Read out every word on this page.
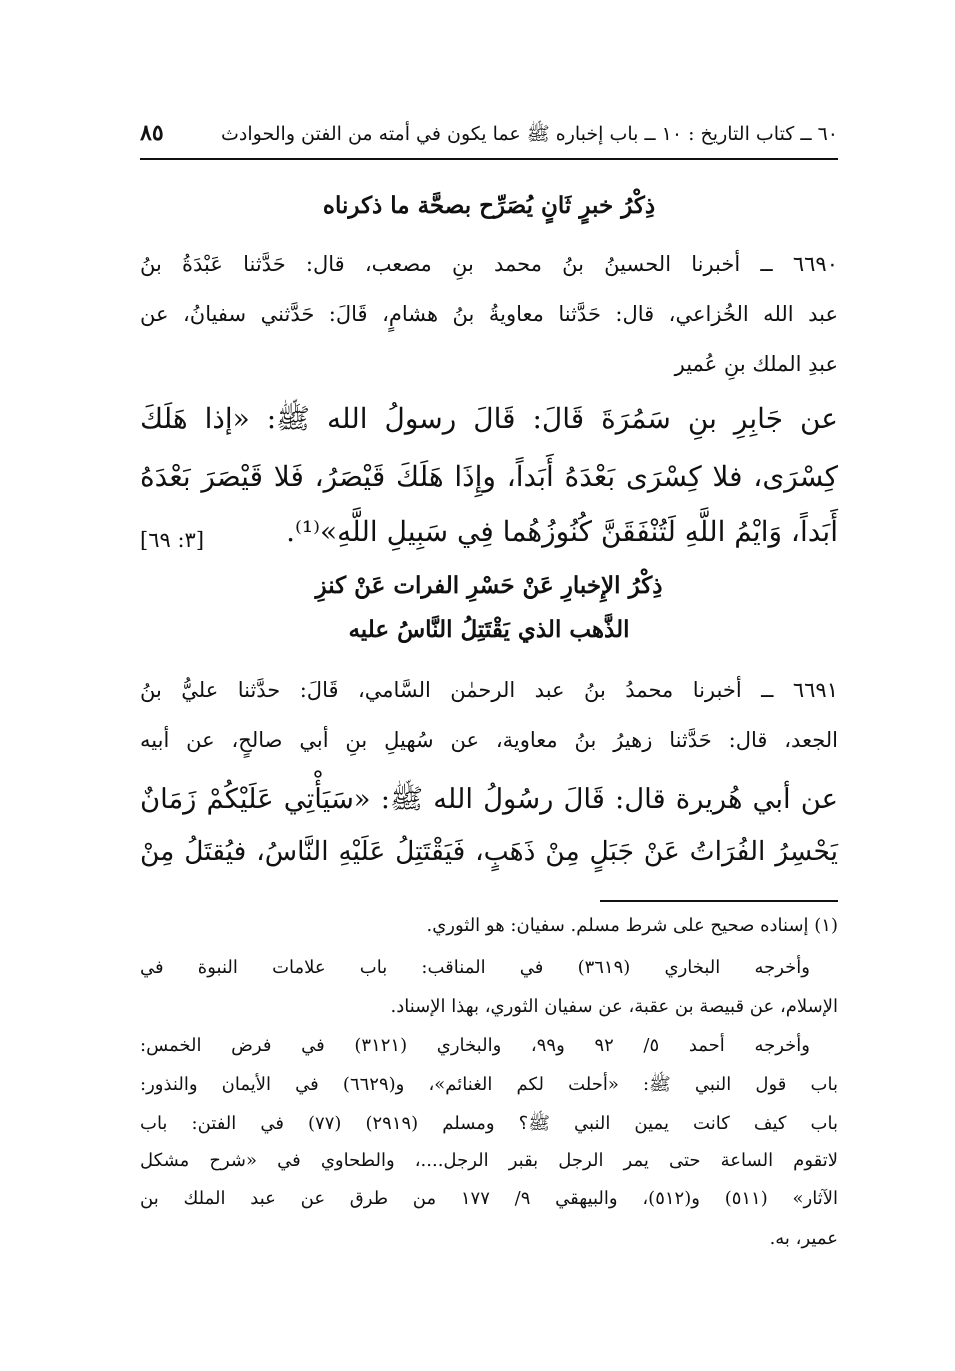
٦٠ ــ كتاب التاريخ : ١٠ ــ باب إخباره ﷺ عما يكون في أمته من الفتن والحوادث
٨٥
ذِكْرُ خبرٍ ثَانٍ يُصَرِّح بصحَّة ما ذكرناه
٦٦٩٠ ــ أخبرنا الحسينُ بنُ محمد بنِ مصعب، قال: حَدَّثنا عَبْدَةُ بنُ
عبد الله الخُزاعي، قال: حَدَّثنا معاويةُ بنُ هشامٍ، قَالَ: حَدَّثني سفيانُ، عن
عبدِ الملك بنِ عُمير
عن جَابِرِ بنِ سَمُرَةَ قَالَ: قَالَ رسولُ الله ﷺ: «إذا هَلَكَ
كِسْرَى، فلا كِسْرَى بَعْدَهُ أَبَداً، وإِذَا هَلَكَ قَيْصَرُ، فَلا قَيْصَرَ بَعْدَهُ
أَبَداً، وَايْمُ اللَّهِ لَتُنْفَقَنَّ كُنُوزُهُما فِي سَبِيلِ اللَّهِ»⁽¹⁾.
[٣: ٦٩]
ذِكْرُ الإِخبارِ عَنْ حَسْرِ الفرات عَنْ كنزِ
الذَّهب الذي يَقْتَتِلُ النَّاسُ عليه
٦٦٩١ ــ أخبرنا محمدُ بنُ عبد الرحمٰن السَّامي، قَالَ: حدَّثنا عليُّ بنُ
الجعد، قال: حَدَّثنا زهيرُ بنُ معاوية، عن سُهيلِ بنِ أبي صالحٍ، عن أبيه
عن أبي هُريرة قال: قَالَ رسُولُ الله ﷺ: «سَيَأْتِي عَلَيْكُمْ زَمَانٌ
يَحْسِرُ الفُرَاتُ عَنْ جَبَلٍ مِنْ ذَهَبٍ، فَيَقْتَتِلُ عَلَيْهِ النَّاسُ، فيُقتَلُ مِنْ
(١) إسناده صحيح على شرط مسلم. سفيان: هو الثوري.
وأخرجه البخاري (٣٦١٩) في المناقب: باب علامات النبوة في
الإسلام، عن قبيصة بن عقبة، عن سفيان الثوري، بهذا الإسناد.
وأخرجه أحمد ٥/ ٩٢ و٩٩، والبخاري (٣١٢١) في فرض الخمس:
باب قول النبي ﷺ: «أحلت لكم الغنائم»، و(٦٦٢٩) في الأيمان والنذور:
باب كيف كانت يمين النبي ﷺ؟ ومسلم (٢٩١٩) (٧٧) في الفتن: باب
لاتقوم الساعة حتى يمر الرجل بقبر الرجل....، والطحاوي في «شرح مشكل
الآثار» (٥١١) و(٥١٢)، والبيهقي ٩/ ١٧٧ من طرق عن عبد الملك بن
عمير، به.
